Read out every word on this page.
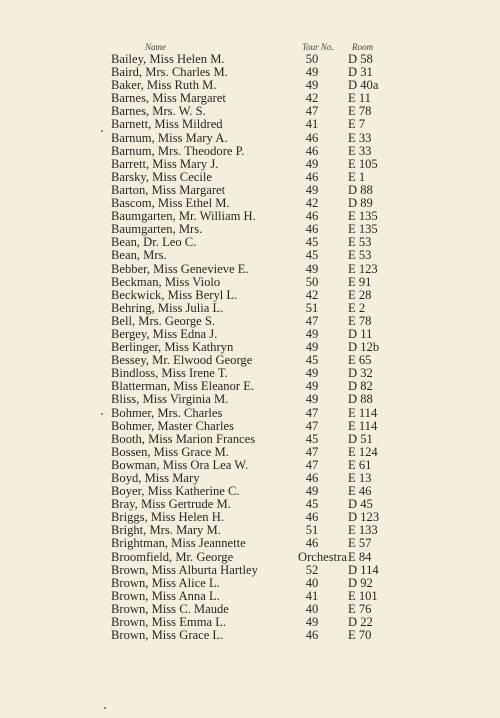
Name	Tour No. Room
Bailey, Miss Helen M.	50	D 58
Baird, Mrs. Charles M.	49	D 31
Baker, Miss Ruth M.	49	D 40a
Barnes, Miss Margaret	42	E 11
Barnes, Mrs. W. S.	47	E 78
Barnett, Miss Mildred	41	E 7
Barnum, Miss Mary A.	46	E 33
Barnum, Mrs. Theodore P.	46	E 33
Barrett, Miss Mary J.	49	E 105
Barsky, Miss Cecile	46	E 1
Barton, Miss Margaret	49	D 88
Bascom, Miss Ethel M.	42	D 89
Baumgarten, Mr. William H.	46	E 135
Baumgarten, Mrs.	46	E 135
Bean, Dr. Leo C.	45	E 53
Bean, Mrs.	45	E 53
Bebber, Miss Genevieve E.	49	E 123
Beckman, Miss Violo	50	E 91
Beckwick, Miss Beryl L.	42	E 28
Behring, Miss Julia L.	51	E 2
Bell, Mrs. George S.	47	E 78
Bergey, Miss Edna J.	49	D 11
Berlinger, Miss Kathryn	49	D 12b
Bessey, Mr. Elwood George	45	E 65
Bindloss, Miss Irene T.	49	D 32
Blatterman, Miss Eleanor E.	49	D 82
Bliss, Miss Virginia M.	49	D 88
Bohmer, Mrs. Charles	47	E 114
Bohmer, Master Charles	47	E 114
Booth, Miss Marion Frances	45	D 51
Bossen, Miss Grace M.	47	E 124
Bowman, Miss Ora Lea W.	47	E 61
Boyd, Miss Mary	46	E 13
Boyer, Miss Katherine C.	49	E 46
Bray, Miss Gertrude M.	45	D 45
Briggs, Miss Helen H.	46	D 123
Bright, Mrs. Mary M.	51	E 133
Brightman, Miss Jeannette	46	E 57
Broomfield, Mr. George	Orchestra E 84
Brown, Miss Alburta Hartley	52	D 114
Brown, Miss Alice L.	40	D 92
Brown, Miss Anna L.	41	E 101
Brown, Miss C. Maude	40	E 76
Brown, Miss Emma L.	49	D 22
Brown, Miss Grace L.	46	E 70
